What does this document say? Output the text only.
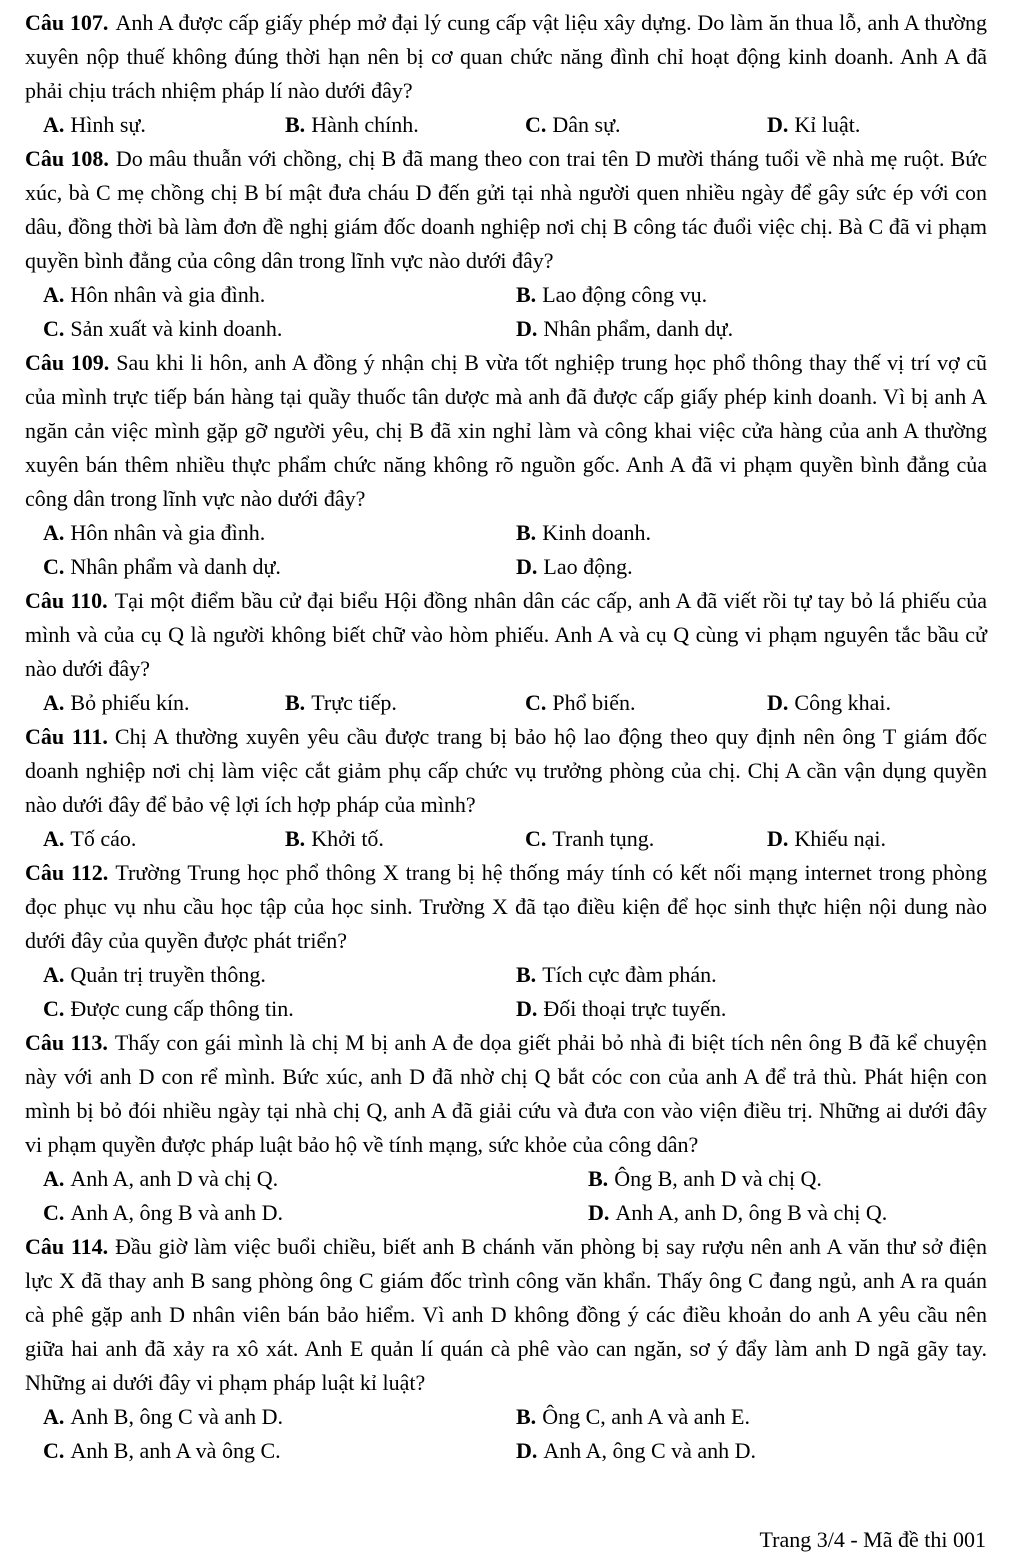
Câu 107. Anh A được cấp giấy phép mở đại lý cung cấp vật liệu xây dựng. Do làm ăn thua lỗ, anh A thường xuyên nộp thuế không đúng thời hạn nên bị cơ quan chức năng đình chỉ hoạt động kinh doanh. Anh A đã phải chịu trách nhiệm pháp lí nào dưới đây?

A. Hình sự.	B. Hành chính.	C. Dân sự.	D. Kỉ luật.

Câu 108. Do mâu thuẫn với chồng, chị B đã mang theo con trai tên D mười tháng tuổi về nhà mẹ ruột. Bức xúc, bà C mẹ chồng chị B bí mật đưa cháu D đến gửi tại nhà người quen nhiều ngày để gây sức ép với con dâu, đồng thời bà làm đơn đề nghị giám đốc doanh nghiệp nơi chị B công tác đuổi việc chị. Bà C đã vi phạm quyền bình đẳng của công dân trong lĩnh vực nào dưới đây?

A. Hôn nhân và gia đình.	B. Lao động công vụ.
C. Sản xuất và kinh doanh.	D. Nhân phẩm, danh dự.

Câu 109. Sau khi li hôn, anh A đồng ý nhận chị B vừa tốt nghiệp trung học phổ thông thay thế vị trí vợ cũ của mình trực tiếp bán hàng tại quầy thuốc tân dược mà anh đã được cấp giấy phép kinh doanh. Vì bị anh A ngăn cản việc mình gặp gỡ người yêu, chị B đã xin nghỉ làm và công khai việc cửa hàng của anh A thường xuyên bán thêm nhiều thực phẩm chức năng không rõ nguồn gốc. Anh A đã vi phạm quyền bình đẳng của công dân trong lĩnh vực nào dưới đây?

A. Hôn nhân và gia đình.	B. Kinh doanh.
C. Nhân phẩm và danh dự.	D. Lao động.

Câu 110. Tại một điểm bầu cử đại biểu Hội đồng nhân dân các cấp, anh A đã viết rồi tự tay bỏ lá phiếu của mình và của cụ Q là người không biết chữ vào hòm phiếu. Anh A và cụ Q cùng vi phạm nguyên tắc bầu cử nào dưới đây?

A. Bỏ phiếu kín.	B. Trực tiếp.	C. Phổ biến.	D. Công khai.

Câu 111. Chị A thường xuyên yêu cầu được trang bị bảo hộ lao động theo quy định nên ông T giám đốc doanh nghiệp nơi chị làm việc cắt giảm phụ cấp chức vụ trưởng phòng của chị. Chị A cần vận dụng quyền nào dưới đây để bảo vệ lợi ích hợp pháp của mình?

A. Tố cáo.	B. Khởi tố.	C. Tranh tụng.	D. Khiếu nại.

Câu 112. Trường Trung học phổ thông X trang bị hệ thống máy tính có kết nối mạng internet trong phòng đọc phục vụ nhu cầu học tập của học sinh. Trường X đã tạo điều kiện để học sinh thực hiện nội dung nào dưới đây của quyền được phát triển?

A. Quản trị truyền thông.	B. Tích cực đàm phán.
C. Được cung cấp thông tin.	D. Đối thoại trực tuyến.

Câu 113. Thấy con gái mình là chị M bị anh A đe dọa giết phải bỏ nhà đi biệt tích nên ông B đã kể chuyện này với anh D con rể mình. Bức xúc, anh D đã nhờ chị Q bắt cóc con của anh A để trả thù. Phát hiện con mình bị bỏ đói nhiều ngày tại nhà chị Q, anh A đã giải cứu và đưa con vào viện điều trị. Những ai dưới đây vi phạm quyền được pháp luật bảo hộ về tính mạng, sức khỏe của công dân?

A. Anh A, anh D và chị Q.	B. Ông B, anh D và chị Q.
C. Anh A, ông B và anh D.	D. Anh A, anh D, ông B và chị Q.

Câu 114. Đầu giờ làm việc buổi chiều, biết anh B chánh văn phòng bị say rượu nên anh A văn thư sở điện lực X đã thay anh B sang phòng ông C giám đốc trình công văn khẩn. Thấy ông C đang ngủ, anh A ra quán cà phê gặp anh D nhân viên bán bảo hiểm. Vì anh D không đồng ý các điều khoản do anh A yêu cầu nên giữa hai anh đã xảy ra xô xát. Anh E quản lí quán cà phê vào can ngăn, sơ ý đẩy làm anh D ngã gãy tay. Những ai dưới đây vi phạm pháp luật kỉ luật?

A. Anh B, ông C và anh D.	B. Ông C, anh A và anh E.
C. Anh B, anh A và ông C.	D. Anh A, ông C và anh D.
Trang 3/4 - Mã đề thi 001
